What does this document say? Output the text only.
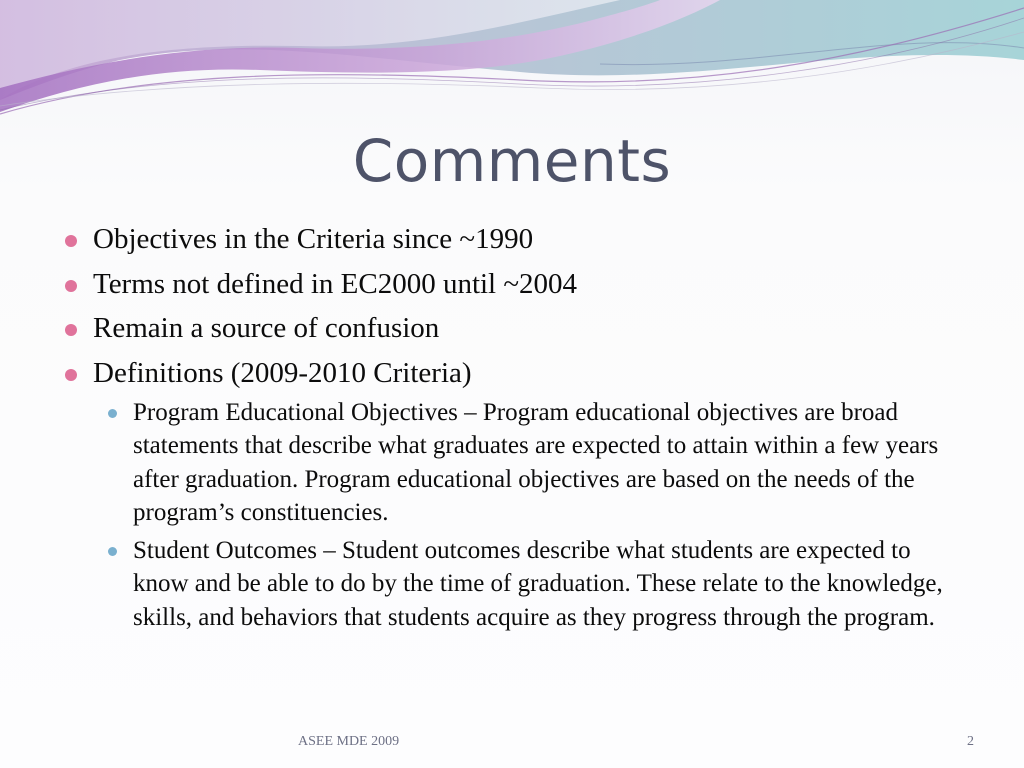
Comments
Objectives in the Criteria since ~1990
Terms not defined in EC2000 until ~2004
Remain a source of confusion
Definitions (2009-2010 Criteria)
Program Educational Objectives – Program educational objectives are broad statements that describe what graduates are expected to attain within a few years after graduation. Program educational objectives are based on the needs of the program’s constituencies.
Student Outcomes – Student outcomes describe what students are expected to know and be able to do by the time of graduation. These relate to the knowledge, skills, and behaviors that students acquire as they progress through the program.
ASEE MDE 2009	2
